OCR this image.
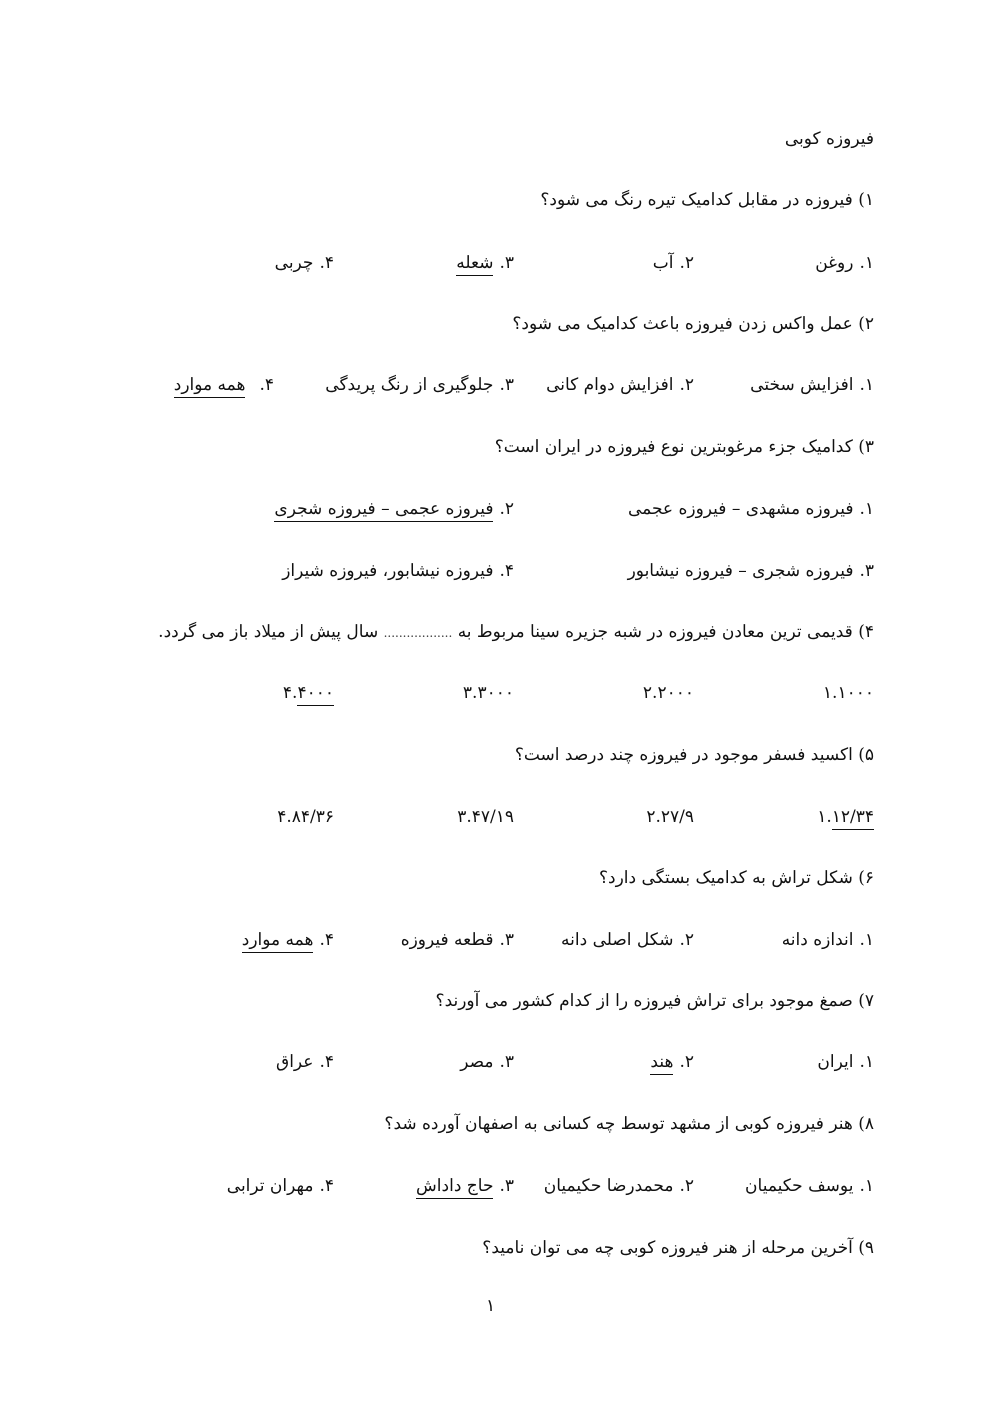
فیروزه کوبی
۱) فیروزه در مقابل کدامیک تیره رنگ می شود؟
۱.روغن
۲.آب
۳.شعله
۴.چربی
۲) عمل واکس زدن فیروزه باعث کدامیک می شود؟
۱.افزایش سختی
۲.افزایش دوام کانی
۳.جلوگیری از رنگ پریدگی
۴.همه موارد
۳) کدامیک جزء مرغوبترین نوع فیروزه در ایران است؟
۱.فیروزه مشهدی – فیروزه عجمی
۲.فیروزه عجمی – فیروزه شجری
۳.فیروزه شجری – فیروزه نیشابور
۴.فیروزه نیشابور، فیروزه شیراز
۴) قدیمی ترین معادن فیروزه در شبه جزیره سینا مربوط به .................. سال پیش از میلاد باز می گردد.
۱.۱۰۰۰
۲.۲۰۰۰
۳.۳۰۰۰
۴.۴۰۰۰
۵) اکسید فسفر موجود در فیروزه چند درصد است؟
۱.۱۲/۳۴
۲.۲۷/۹
۳.۴۷/۱۹
۴.۸۴/۳۶
۶) شکل تراش به کدامیک بستگی دارد؟
۱.اندازه دانه
۲.شکل اصلی دانه
۳.قطعه فیروزه
۴.همه موارد
۷) صمغ موجود برای تراش فیروزه را از کدام کشور می آورند؟
۱.ایران
۲.هند
۳.مصر
۴.عراق
۸) هنر فیروزه کوبی از مشهد توسط چه کسانی به اصفهان آورده شد؟
۱.یوسف حکیمیان
۲.محمدرضا حکیمیان
۳.حاج داداش
۴.مهران ترابی
۹) آخرین مرحله از هنر فیروزه کوبی چه می توان نامید؟
۱
